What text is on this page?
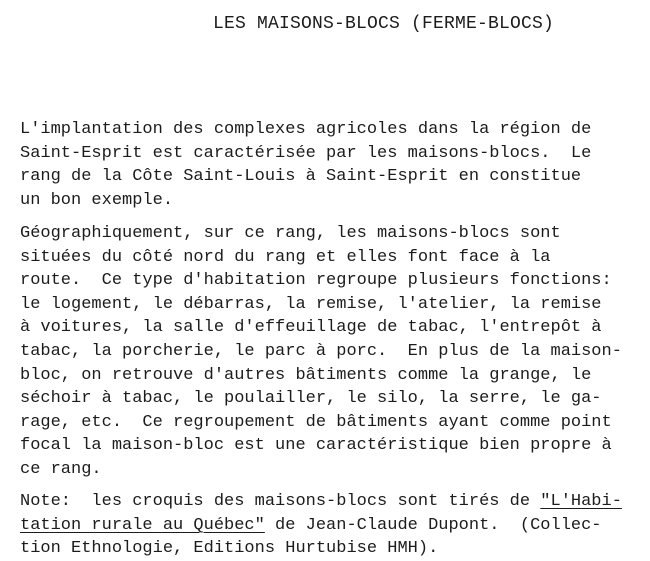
LES MAISONS-BLOCS (FERME-BLOCS)
L'implantation des complexes agricoles dans la région de
Saint-Esprit est caractérisée par les maisons-blocs.  Le
rang de la Côte Saint-Louis à Saint-Esprit en constitue
un bon exemple.
Géographiquement, sur ce rang, les maisons-blocs sont
situées du côté nord du rang et elles font face à la
route.  Ce type d'habitation regroupe plusieurs fonctions:
le logement, le débarras, la remise, l'atelier, la remise
à voitures, la salle d'effeuillage de tabac, l'entrepôt à
tabac, la porcherie, le parc à porc.  En plus de la maison-
bloc, on retrouve d'autres bâtiments comme la grange, le
séchoir à tabac, le poulailler, le silo, la serre, le ga-
rage, etc.  Ce regroupement de bâtiments ayant comme point
focal la maison-bloc est une caractéristique bien propre à
ce rang.
Note:  les croquis des maisons-blocs sont tirés de "L'Habi-
tation rurale au Québec" de Jean-Claude Dupont.  (Collec-
tion Ethnologie, Editions Hurtubise HMH).
